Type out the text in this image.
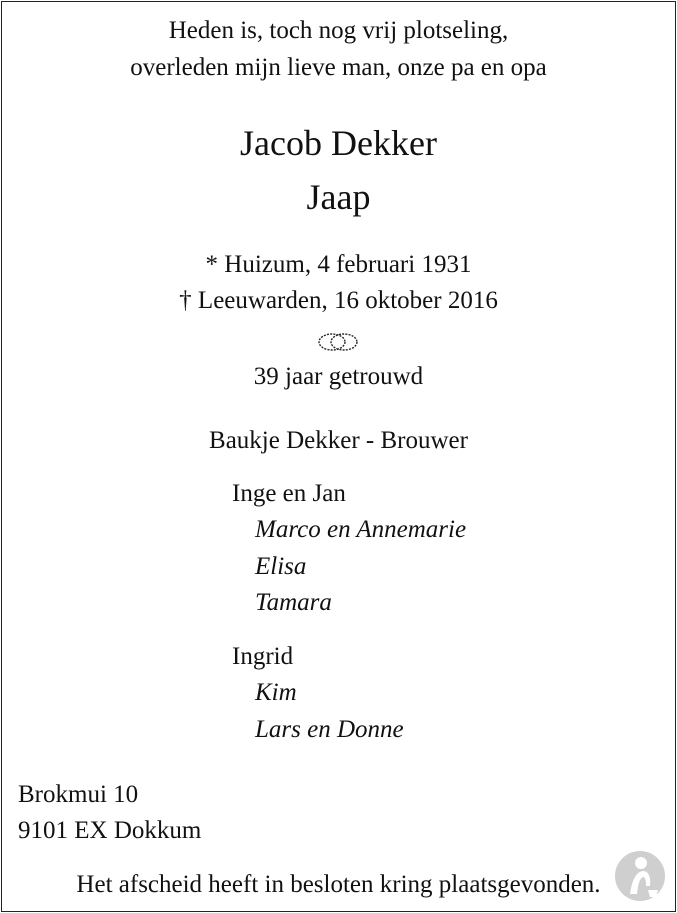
Heden is, toch nog vrij plotseling,
overleden mijn lieve man, onze pa en opa
Jacob Dekker
Jaap
* Huizum, 4 februari 1931
† Leeuwarden, 16 oktober 2016
39 jaar getrouwd
Baukje Dekker - Brouwer
Inge en Jan
Marco en Annemarie
Elisa
Tamara
Ingrid
Kim
Lars en Donne
Brokmui 10
9101 EX Dokkum
Het afscheid heeft in besloten kring plaatsgevonden.
